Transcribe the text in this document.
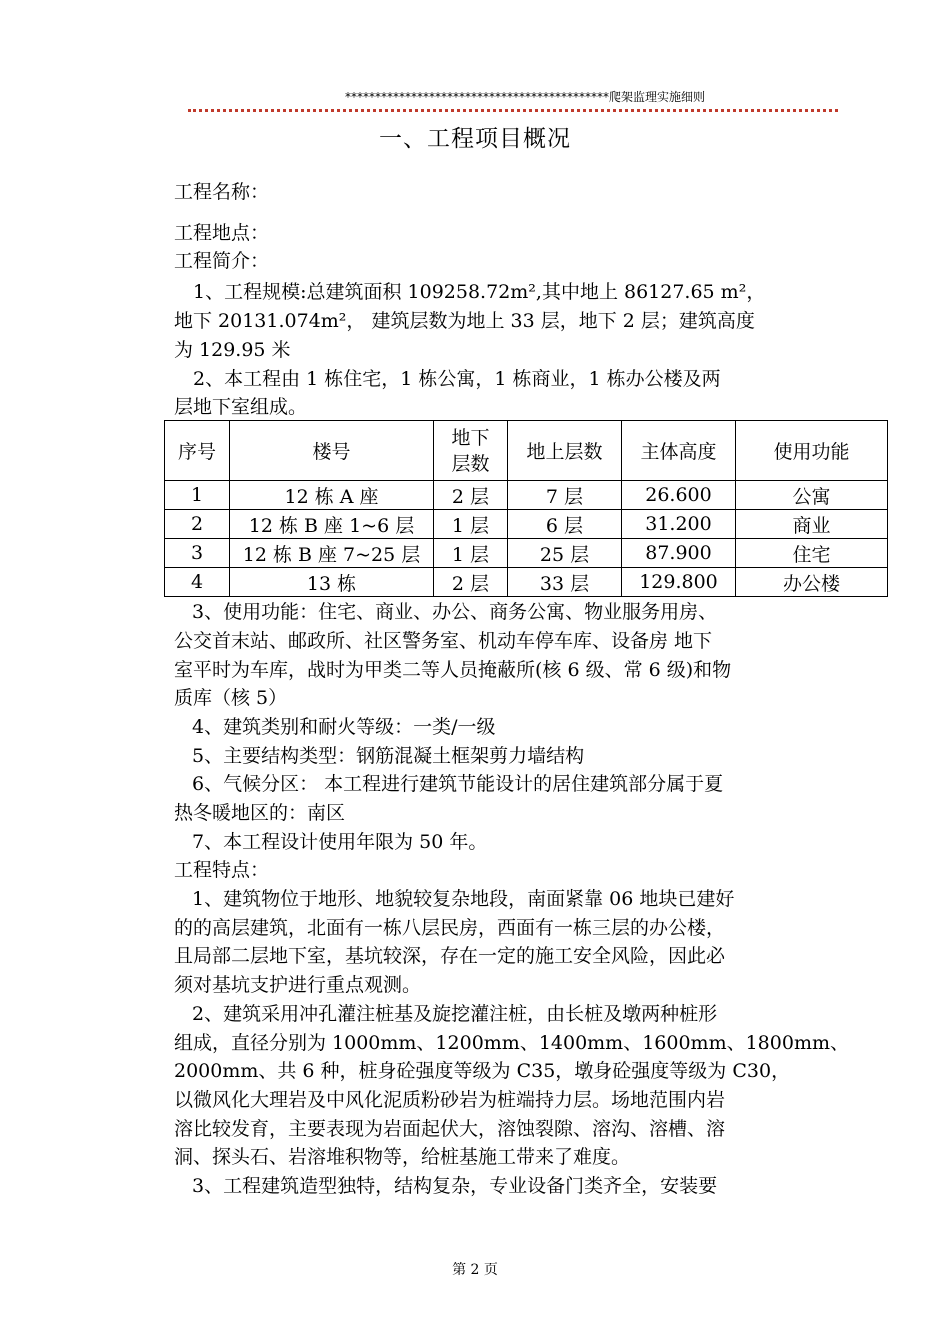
********************************************爬架监理实施细则
一、工程项目概况
工程名称：
工程地点：
工程简介：
　1、工程规模:总建筑面积 109258.72m²,其中地上 86127.65 m²，
地下 20131.074m²， 建筑层数为地上 33 层，地下 2 层；建筑高度
为 129.95 米
　2、本工程由 1 栋住宅，1 栋公寓，1 栋商业，1 栋办公楼及两
层地下室组成。
序号	楼号	地下
层数	地上层数	主体高度	使用功能
1	12 栋 A 座	2 层	7 层	26.600	公寓
2	12 栋 B 座 1~6 层	1 层	6 层	31.200	商业
3	12 栋 B 座 7~25 层	1 层	25 层	87.900	住宅
4	13 栋	2 层	33 层	129.800	办公楼
3、使用功能：住宅、商业、办公、商务公寓、物业服务用房、
公交首末站、邮政所、社区警务室、机动车停车库、设备房 地下
室平时为车库，战时为甲类二等人员掩蔽所(核 6 级、常 6 级)和物
质库（核 5）
4、建筑类别和耐火等级：一类/一级
5、主要结构类型：钢筋混凝土框架剪力墙结构
6、气候分区： 本工程进行建筑节能设计的居住建筑部分属于夏
热冬暖地区的：南区
7、本工程设计使用年限为 50 年。
工程特点：
1、建筑物位于地形、地貌较复杂地段，南面紧靠 06 地块已建好
的的高层建筑，北面有一栋八层民房，西面有一栋三层的办公楼，
且局部二层地下室，基坑较深，存在一定的施工安全风险，因此必
须对基坑支护进行重点观测。
2、建筑采用冲孔灌注桩基及旋挖灌注桩，由长桩及墩两种桩形
组成，直径分别为 1000mm、1200mm、1400mm、1600mm、1800mm、
2000mm、共 6 种，桩身砼强度等级为 C35，墩身砼强度等级为 C30，
以微风化大理岩及中风化泥质粉砂岩为桩端持力层。场地范围内岩
溶比较发育，主要表现为岩面起伏大，溶蚀裂隙、溶沟、溶槽、溶
洞、探头石、岩溶堆积物等，给桩基施工带来了难度。
3、工程建筑造型独特，结构复杂，专业设备门类齐全，安装要
第 2 页
